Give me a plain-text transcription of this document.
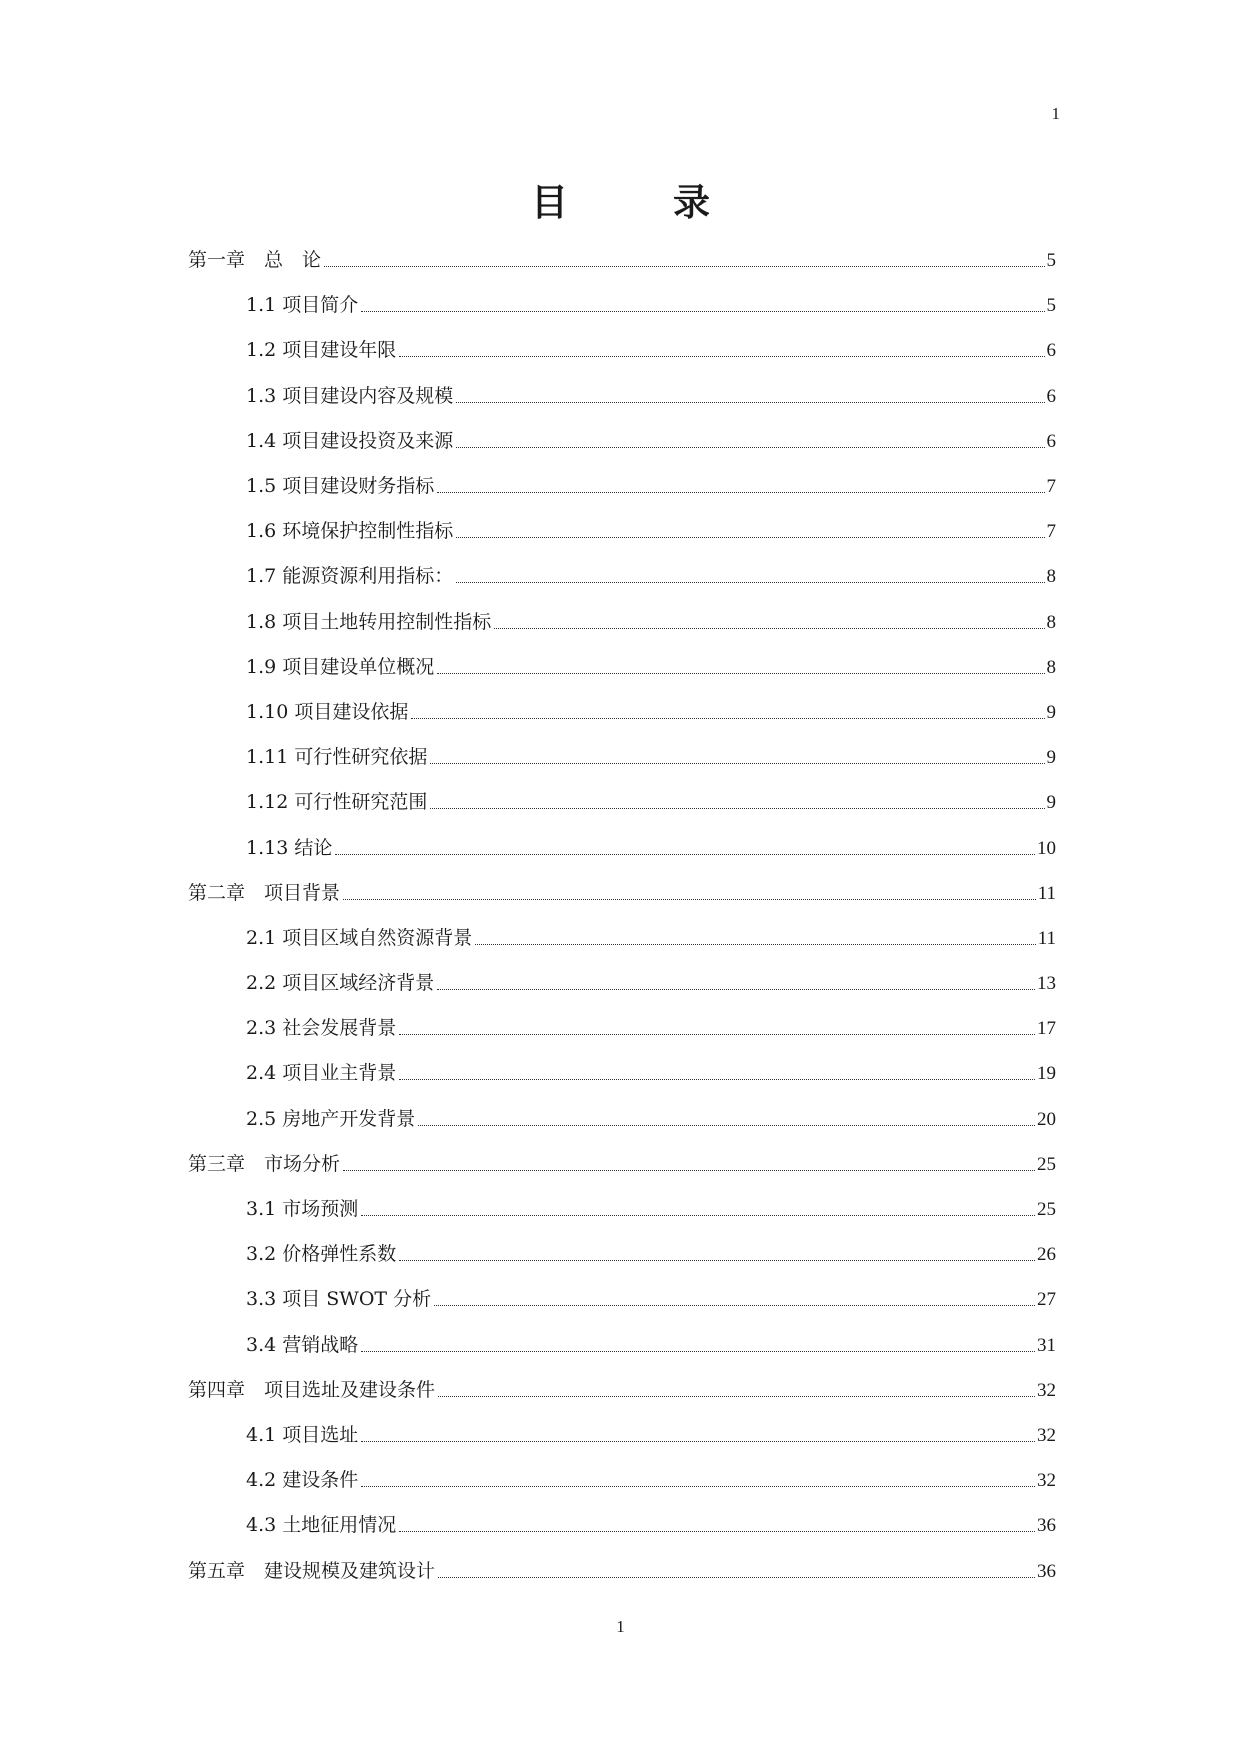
1
目　录
第一章　总　论	5
1.1 项目简介	5
1.2 项目建设年限	6
1.3 项目建设内容及规模	6
1.4 项目建设投资及来源	6
1.5 项目建设财务指标	7
1.6 环境保护控制性指标	7
1.7 能源资源利用指标：	8
1.8 项目土地转用控制性指标	8
1.9 项目建设单位概况	8
1.10 项目建设依据	9
1.11 可行性研究依据	9
1.12 可行性研究范围	9
1.13 结论	10
第二章　项目背景	11
2.1 项目区域自然资源背景	11
2.2 项目区域经济背景	13
2.3 社会发展背景	17
2.4 项目业主背景	19
2.5 房地产开发背景	20
第三章　市场分析	25
3.1 市场预测	25
3.2 价格弹性系数	26
3.3 项目 SWOT 分析	27
3.4 营销战略	31
第四章　项目选址及建设条件	32
4.1 项目选址	32
4.2 建设条件	32
4.3 土地征用情况	36
第五章　建设规模及建筑设计	36
1
